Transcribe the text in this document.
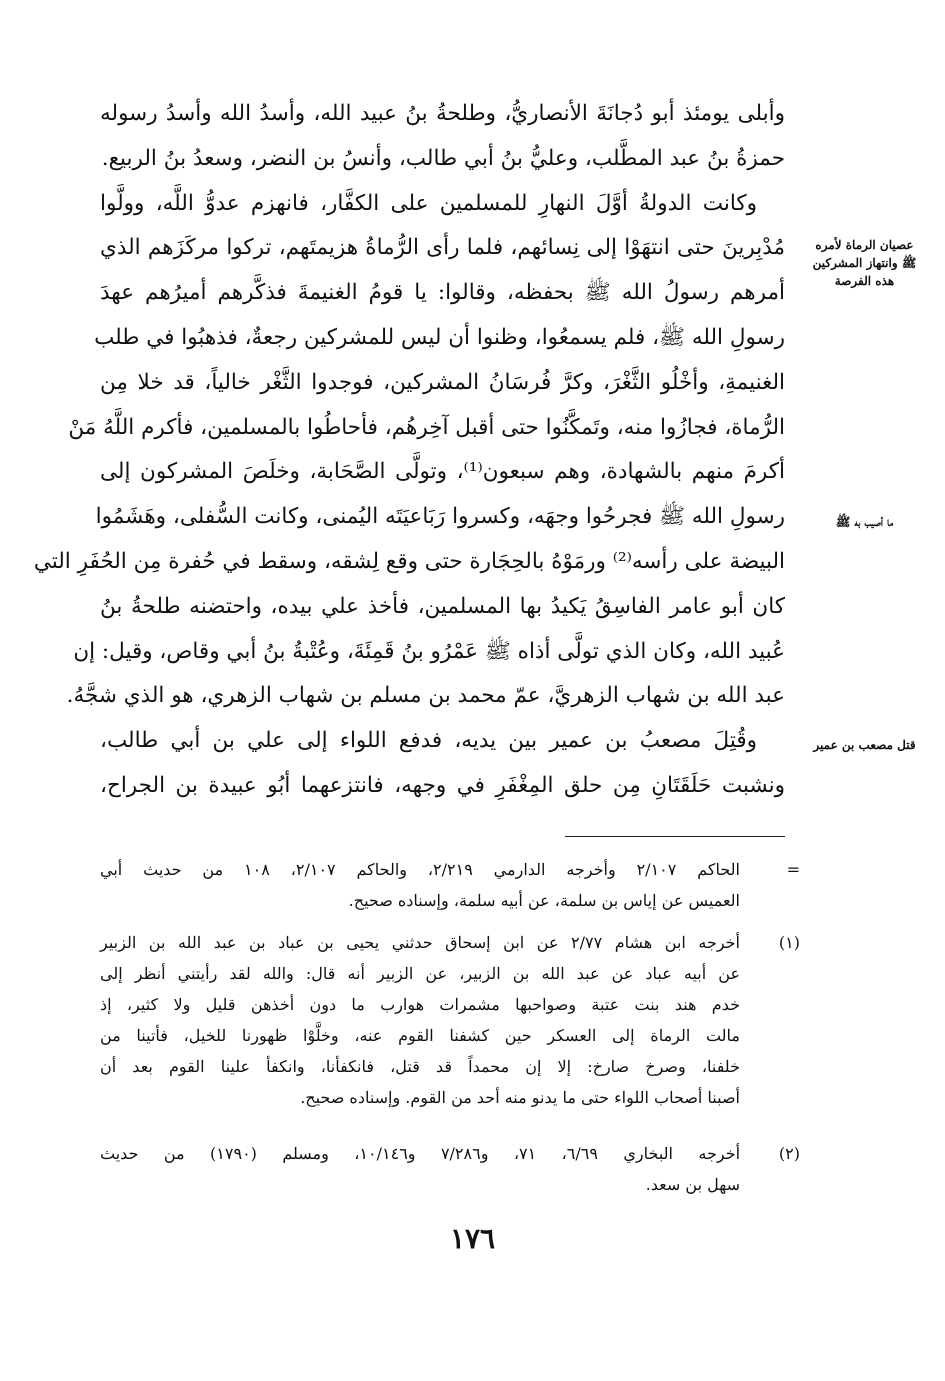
وأبلى يومئذ أبو دُجانَةَ الأنصاريُّ، وطلحةُ بنُ عبيد الله، وأسدُ الله وأسدُ رسوله
حمزةُ بنُ عبد المطَّلب، وعليُّ بنُ أبي طالب، وأنسُ بن النضر، وسعدُ بنُ الربيع.
وكانت الدولةُ أوَّلَ النهارِ للمسلمين على الكفَّار، فانهزم عدوُّ اللَّه، وولَّوا
مُدْبِرينَ حتى انتهَوْا إلى نِسائهم، فلما رأى الرُّماةُ هزيمتَهم، تركوا مركَزَهم الذي
أمرهم رسولُ الله ﷺ بحفظه، وقالوا: يا قومُ الغنيمةَ فذكَّرهم أميرُهم عهدَ
رسولِ الله ﷺ، فلم يسمعُوا، وظنوا أن ليس للمشركين رجعةٌ، فذهبُوا في طلب
الغنيمةِ، وأخْلُو الثَّغْرَ، وكرَّ فُرسَانُ المشركين، فوجدوا الثَّغْر خالياً، قد خلا مِن
الرُّماة، فجازُوا منه، وتَمكَّنُوا حتى أقبل آخِرهُم، فأحاطُوا بالمسلمين، فأكرم اللَّهُ مَنْ
أكرمَ منهم بالشهادة، وهم سبعون⁽¹⁾، وتولَّى الصَّحَابة، وخلَصَ المشركون إلى
رسولِ الله ﷺ فجرحُوا وجهَه، وكسروا رَبَاعيَتَه اليُمنى، وكانت السُّفلى، وهَشَمُوا
البيضة على رأسه⁽²⁾ ورمَوْهُ بالحِجَارة حتى وقع لِشقه، وسقط في حُفرة مِن الحُفَرِ التي
كان أبو عامر الفاسِقُ يَكيدُ بها المسلمين، فأخذ علي بيده، واحتضنه طلحةُ بنُ
عُبيد الله، وكان الذي تولَّى أذاه ﷺ عَمْرُو بنُ قَمِئَةَ، وعُتْبةُ بنُ أبي وقاص، وقيل: إن
عبد الله بن شهاب الزهريَّ، عمّ محمد بن مسلم بن شهاب الزهري، هو الذي شجَّهُ.
وقُتِلَ مصعبُ بن عمير بين يديه، فدفع اللواء إلى علي بن أبي طالب،
ونشبت حَلَقَتَانِ مِن حلق المِغْفَرِ في وجهه، فانتزعهما أبُو عبيدة بن الجراح،
عصيان الرماة لأمره ﷺ وانتهاز المشركين هذه الفرصة
ما أصيب به ﷺ
قتل مصعب بن عمير
=
الحاكم ٢/١٠٧ وأخرجه الدارمي ٢/٢١٩، والحاكم ٢/١٠٧، ١٠٨ من حديث أبي
العميس عن إياس بن سلمة، عن أبيه سلمة، وإسناده صحيح.
(١)
أخرجه ابن هشام ٢/٧٧ عن ابن إسحاق حدثني يحيى بن عباد بن عبد الله بن الزبير
عن أبيه عباد عن عبد الله بن الزبير، عن الزبير أنه قال: والله لقد رأيتني أنظر إلى
خدم هند بنت عتبة وصواحبها مشمرات هوارب ما دون أخذهن قليل ولا كثير، إذ
مالت الرماة إلى العسكر حين كشفنا القوم عنه، وخلَّوْا ظهورنا للخيل، فأتينا من
خلفنا، وصرخ صارخ: إلا إن محمداً قد قتل، فانكفأنا، وانكفأ علينا القوم بعد أن
أصبنا أصحاب اللواء حتى ما يدنو منه أحد من القوم. وإسناده صحيح.
(٢)
أخرجه البخاري ٦/٦٩، ٧١، و٧/٢٨٦ و١٠/١٤٦، ومسلم (١٧٩٠) من حديث
سهل بن سعد.
١٧٦
